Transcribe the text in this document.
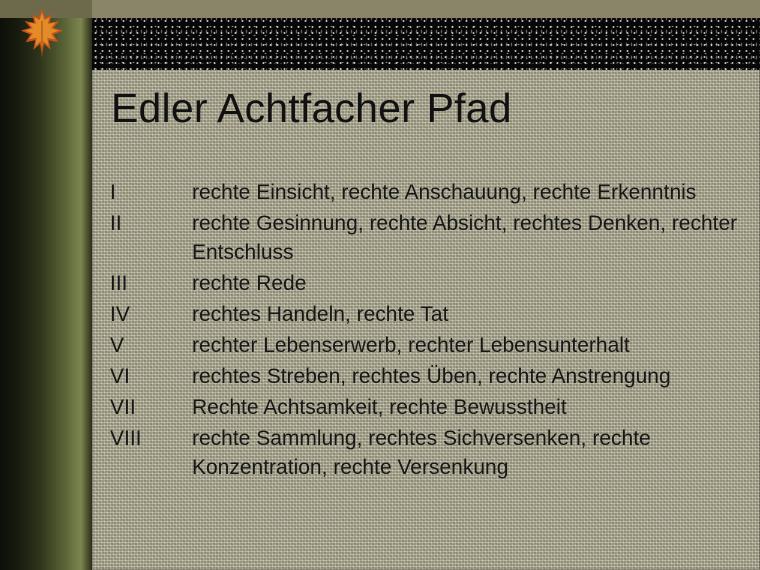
Edler Achtfacher Pfad
I	rechte Einsicht, rechte Anschauung, rechte Erkenntnis
II	rechte Gesinnung, rechte Absicht, rechtes Denken, rechter Entschluss
III	rechte Rede
IV	rechtes Handeln, rechte Tat
V	rechter Lebenserwerb, rechter Lebensunterhalt
VI	rechtes Streben, rechtes Üben, rechte Anstrengung
VII	Rechte Achtsamkeit, rechte Bewusstheit
VIII	rechte Sammlung, rechtes Sichversenken, rechte Konzentration, rechte Versenkung
